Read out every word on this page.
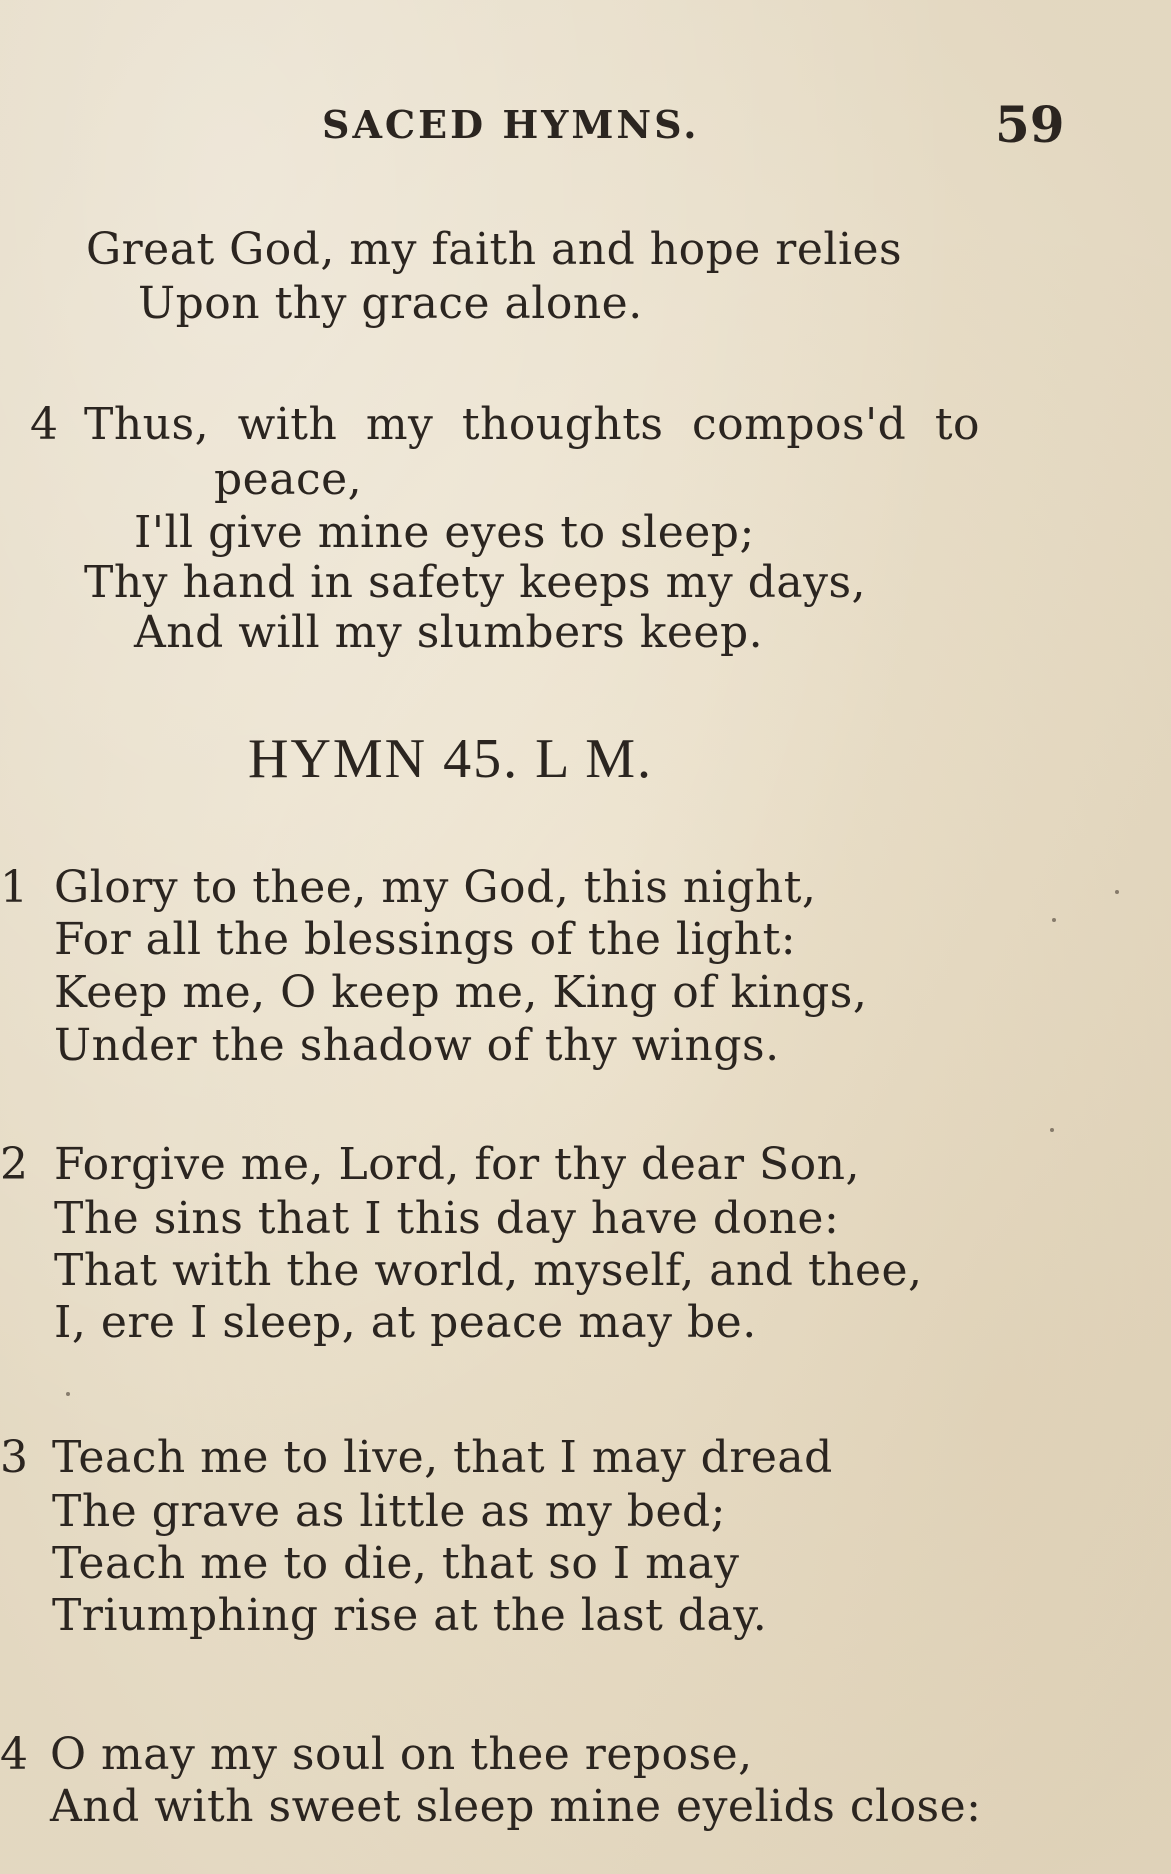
SACED HYMNS.	59
Great God, my faith and hope relies
Upon thy grace alone.
4 Thus, with my thoughts compos'd to
peace,
I'll give mine eyes to sleep;
Thy hand in safety keeps my days,
And will my slumbers keep.
HYMN 45. L M.
1 Glory to thee, my God, this night,
For all the blessings of the light:
Keep me, O keep me, King of kings,
Under the shadow of thy wings.
2 Forgive me, Lord, for thy dear Son,
The sins that I this day have done:
That with the world, myself, and thee,
I, ere I sleep, at peace may be.
3 Teach me to live, that I may dread
The grave as little as my bed;
Teach me to die, that so I may
Triumphing rise at the last day.
4 O may my soul on thee repose,
And with sweet sleep mine eyelids close:
